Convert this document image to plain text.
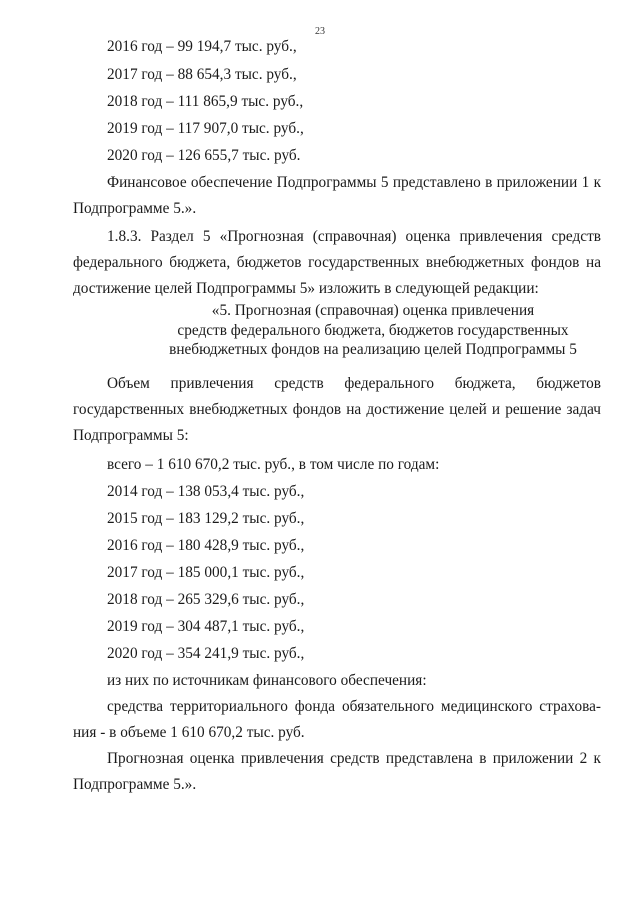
23
2016 год – 99 194,7 тыс. руб.,
2017 год – 88 654,3 тыс. руб.,
2018 год – 111 865,9 тыс. руб.,
2019 год – 117 907,0 тыс. руб.,
2020 год – 126 655,7 тыс. руб.
Финансовое обеспечение Подпрограммы 5 представлено в приложении 1 к Подпрограмме 5.».
1.8.3. Раздел 5 «Прогнозная (справочная) оценка привлечения средств федерального бюджета, бюджетов государственных внебюджетных фондов на достижение целей Подпрограммы 5» изложить в следующей редакции:
«5. Прогнозная (справочная) оценка привлечения
средств федерального бюджета, бюджетов государственных
внебюджетных фондов на реализацию целей Подпрограммы 5
Объем привлечения средств федерального бюджета, бюджетов государственных внебюджетных фондов на достижение целей и решение задач Подпрограммы 5:
всего – 1 610 670,2 тыс. руб., в том числе по годам:
2014 год – 138 053,4 тыс. руб.,
2015 год – 183 129,2 тыс. руб.,
2016 год – 180 428,9 тыс. руб.,
2017 год – 185 000,1 тыс. руб.,
2018 год – 265 329,6 тыс. руб.,
2019 год – 304 487,1 тыс. руб.,
2020 год – 354 241,9 тыс. руб.,
из них по источникам финансового обеспечения:
средства территориального фонда обязательного медицинского страхова-
ния - в объеме 1 610 670,2 тыс. руб.
Прогнозная оценка привлечения средств представлена в приложении 2 к Подпрограмме 5.».
